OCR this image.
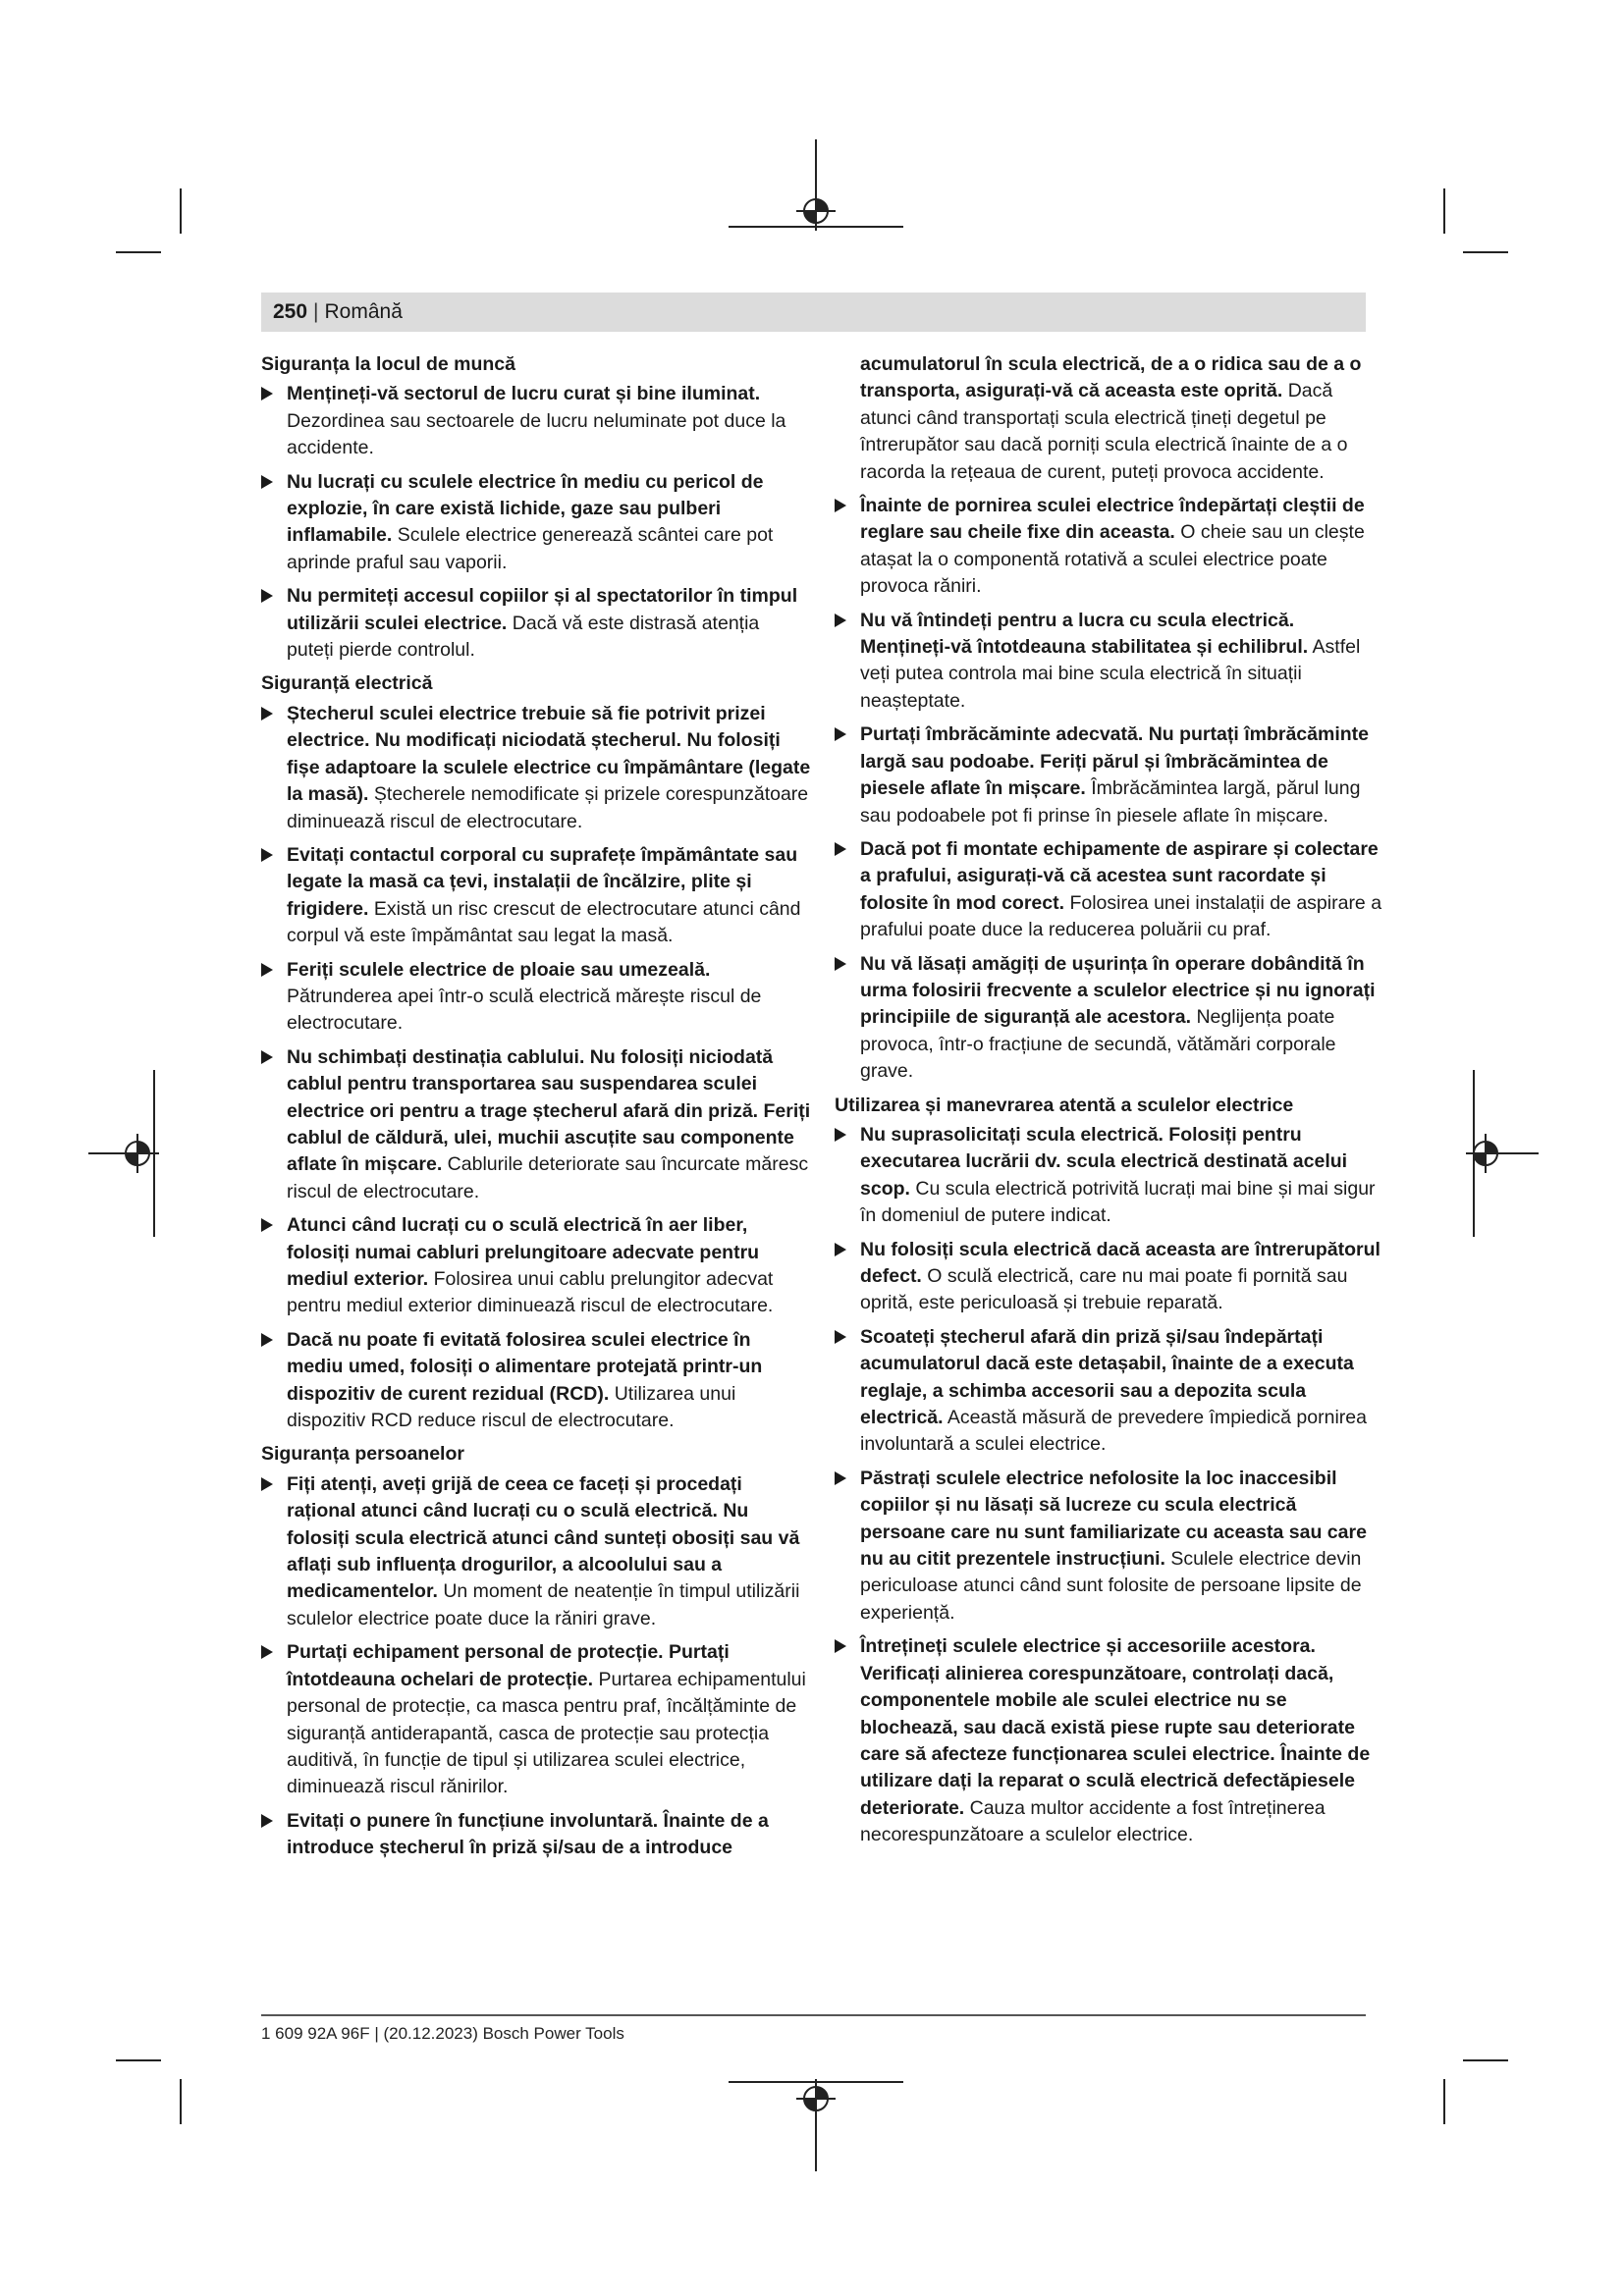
250 | Română
Siguranța la locul de muncă
Mențineți-vă sectorul de lucru curat și bine iluminat. Dezordinea sau sectoarele de lucru neluminate pot duce la accidente.
Nu lucrați cu sculele electrice în mediu cu pericol de explozie, în care există lichide, gaze sau pulberi inflamabile. Sculele electrice generează scântei care pot aprinde praful sau vaporii.
Nu permiteți accesul copiilor și al spectatorilor în timpul utilizării sculei electrice. Dacă vă este distrasă atenția puteți pierde controlul.
Siguranță electrică
Ștecherul sculei electrice trebuie să fie potrivit prizei electrice. Nu modificați niciodată ștecherul. Nu folosiți fișe adaptoare la sculele electrice cu împământare (legate la masă). Ștecherele nemodificate și prizele corespunzătoare diminuează riscul de electrocutare.
Evitați contactul corporal cu suprafețe împământate sau legate la masă ca țevi, instalații de încălzire, plite și frigidere. Există un risc crescut de electrocutare atunci când corpul vă este împământat sau legat la masă.
Feriți sculele electrice de ploaie sau umezeală. Pătrunderea apei într-o sculă electrică mărește riscul de electrocutare.
Nu schimbați destinația cablului. Nu folosiți niciodată cablul pentru transportarea sau suspendarea sculei electrice ori pentru a trage ștecherul afară din priză. Feriți cablul de căldură, ulei, muchii ascuțite sau componente aflate în mișcare. Cablurile deteriorate sau încurcate măresc riscul de electrocutare.
Atunci când lucrați cu o sculă electrică în aer liber, folosiți numai cabluri prelungitoare adecvate pentru mediul exterior. Folosirea unui cablu prelungitor adecvat pentru mediul exterior diminuează riscul de electrocutare.
Dacă nu poate fi evitată folosirea sculei electrice în mediu umed, folosiți o alimentare protejată printr-un dispozitiv de curent rezidual (RCD). Utilizarea unui dispozitiv RCD reduce riscul de electrocutare.
Siguranța persoanelor
Fiți atenți, aveți grijă de ceea ce faceți și procedați rațional atunci când lucrați cu o sculă electrică. Nu folosiți scula electrică atunci când sunteți obosiți sau vă aflați sub influența drogurilor, a alcoolului sau a medicamentelor. Un moment de neatenție în timpul utilizării sculelor electrice poate duce la răniri grave.
Purtați echipament personal de protecție. Purtați întotdeauna ochelari de protecție. Purtarea echipamentului personal de protecție, ca masca pentru praf, încălțăminte de siguranță antiderapantă, casca de protecție sau protecția auditivă, în funcție de tipul și utilizarea sculei electrice, diminuează riscul rănirilor.
Evitați o punere în funcțiune involuntară. Înainte de a introduce ștecherul în priză și/sau de a introduce
acumulatorul în scula electrică, de a o ridica sau de a o transporta, asigurați-vă că aceasta este oprită. Dacă atunci când transportați scula electrică țineți degetul pe întrerupător sau dacă porniți scula electrică înainte de a o racorda la rețeaua de curent, puteți provoca accidente.
Înainte de pornirea sculei electrice îndepărtați cleștii de reglare sau cheile fixe din aceasta. O cheie sau un clește atașat la o componentă rotativă a sculei electrice poate provoca răniri.
Nu vă întindeți pentru a lucra cu scula electrică. Mențineți-vă întotdeauna stabilitatea și echilibrul. Astfel veți putea controla mai bine scula electrică în situații neașteptate.
Purtați îmbrăcăminte adecvată. Nu purtați îmbrăcăminte largă sau podoabe. Feriți părul și îmbrăcămintea de piesele aflate în mișcare. Îmbrăcămintea largă, părul lung sau podoabele pot fi prinse în piesele aflate în mișcare.
Dacă pot fi montate echipamente de aspirare și colectare a prafului, asigurați-vă că acestea sunt racordate și folosite în mod corect. Folosirea unei instalații de aspirare a prafului poate duce la reducerea poluării cu praf.
Nu vă lăsați amăgiți de ușurința în operare dobândită în urma folosirii frecvente a sculelor electrice și nu ignorați principiile de siguranță ale acestora. Neglijența poate provoca, într-o fracțiune de secundă, vătămări corporale grave.
Utilizarea și manevrarea atentă a sculelor electrice
Nu suprasolicitați scula electrică. Folosiți pentru executarea lucrării dv. scula electrică destinată acelui scop. Cu scula electrică potrivită lucrați mai bine și mai sigur în domeniul de putere indicat.
Nu folosiți scula electrică dacă aceasta are întrerupătorul defect. O sculă electrică, care nu mai poate fi pornită sau oprită, este periculoasă și trebuie reparată.
Scoateți ștecherul afară din priză și/sau îndepărtați acumulatorul dacă este detașabil, înainte de a executa reglaje, a schimba accesorii sau a depozita scula electrică. Această măsură de prevedere împiedică pornirea involuntară a sculei electrice.
Păstrați sculele electrice nefolosite la loc inaccesibil copiilor și nu lăsați să lucreze cu scula electrică persoane care nu sunt familiarizate cu aceasta sau care nu au citit prezentele instrucțiuni. Sculele electrice devin periculoase atunci când sunt folosite de persoane lipsite de experiență.
Întrețineți sculele electrice și accesoriile acestora. Verificați alinierea corespunzătoare, controlați dacă, componentele mobile ale sculei electrice nu se blochează, sau dacă există piese rupte sau deteriorate care să afecteze funcționarea sculei electrice. Înainte de utilizare dați la reparat o sculă electrică defectăpiesele deteriorate. Cauza multor accidente a fost întreținerea necorespunzătoare a sculelor electrice.
1 609 92A 96F | (20.12.2023) Bosch Power Tools
